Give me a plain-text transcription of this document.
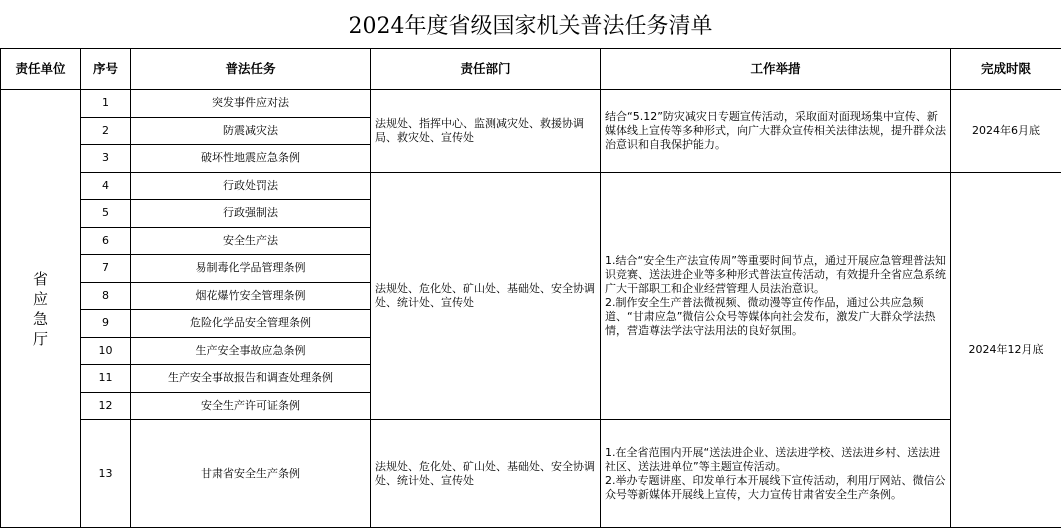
2024年度省级国家机关普法任务清单
责任单位	序号	普法任务	责任部门	工作举措	完成时限

省应急厅	1	突发事件应对法	法规处、指挥中心、监测减灾处、救援协调局、救灾处、宣传处	结合“5.12”防灾减灾日专题宣传活动，采取面对面现场集中宣传、新媒体线上宣传等多种形式，向广大群众宣传相关法律法规，提升群众法治意识和自我保护能力。	2024年6月底
	2	防震减灾法			
	3	破坏性地震应急条例			
	4	行政处罚法	法规处、危化处、矿山处、基础处、安全协调处、统计处、宣传处	1.结合“安全生产法宣传周”等重要时间节点，通过开展应急管理普法知识竞赛、送法进企业等多种形式普法宣传活动，有效提升全省应急系统广大干部职工和企业经营管理人员法治意识。
2.制作安全生产普法微视频、微动漫等宣传作品，通过公共应急频道、“甘肃应急”微信公众号等媒体向社会发布，激发广大群众学法热情，营造尊法学法守法用法的良好氛围。	2024年12月底
	5	行政强制法			
	6	安全生产法			
	7	易制毒化学品管理条例			
	8	烟花爆竹安全管理条例			
	9	危险化学品安全管理条例			
	10	生产安全事故应急条例			
	11	生产安全事故报告和调查处理条例			
	12	安全生产许可证条例			
	13	甘肃省安全生产条例	法规处、危化处、矿山处、基础处、安全协调处、统计处、宣传处	1.在全省范围内开展“送法进企业、送法进学校、送法进乡村、送法进社区、送法进单位”等主题宣传活动。
2.举办专题讲座、印发单行本开展线下宣传活动，利用厅网站、微信公众号等新媒体开展线上宣传，大力宣传甘肃省安全生产条例。	
